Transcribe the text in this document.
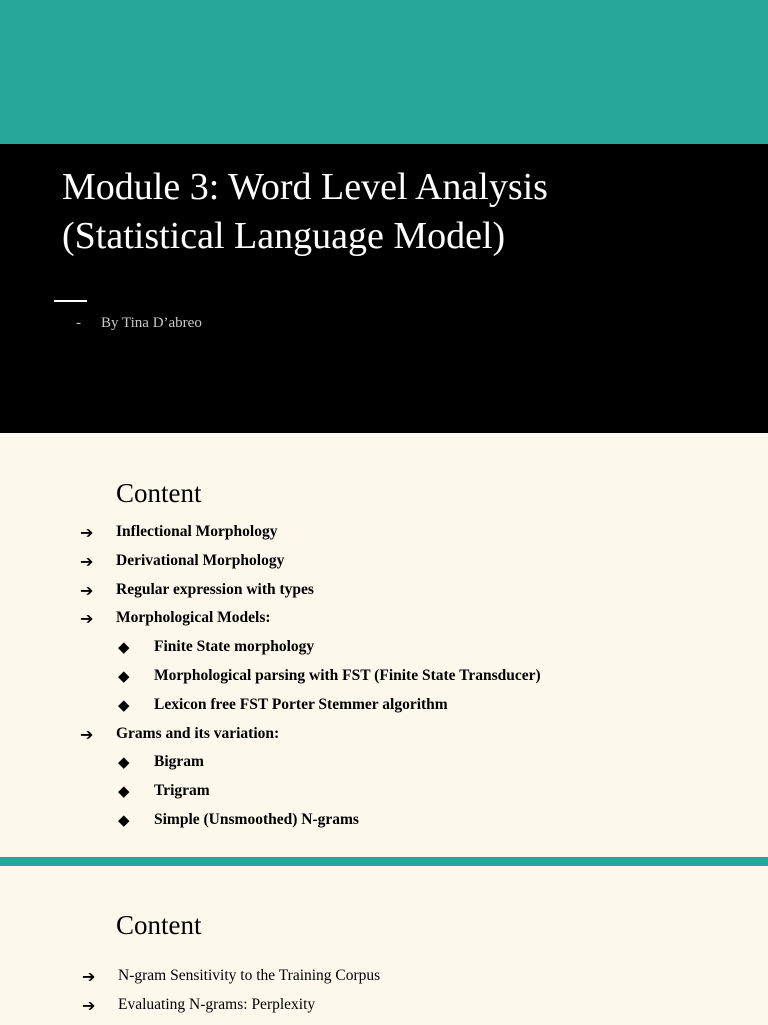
Module 3: Word Level Analysis
(Statistical Language Model)
- By Tina D’abreo
Content
➔ Inflectional Morphology
➔ Derivational Morphology
➔ Regular expression with types
➔ Morphological Models:
◆ Finite State morphology
◆ Morphological parsing with FST (Finite State Transducer)
◆ Lexicon free FST Porter Stemmer algorithm
➔ Grams and its variation:
◆ Bigram
◆ Trigram
◆ Simple (Unsmoothed) N-grams
Content
➔ N-gram Sensitivity to the Training Corpus
➔ Evaluating N-grams: Perplexity
